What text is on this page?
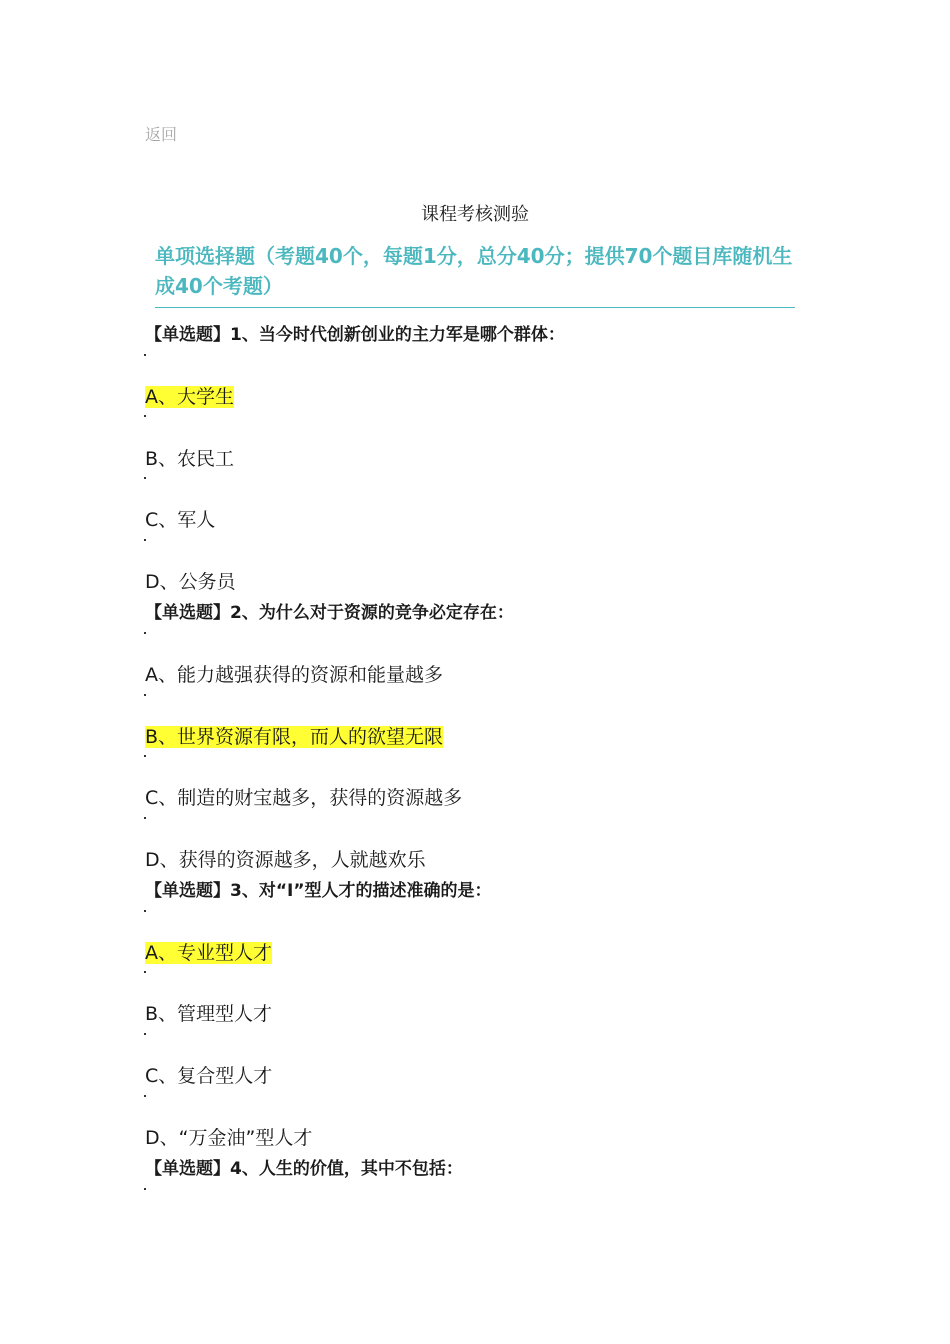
返回
课程考核测验
单项选择题（考题40个，每题1分，总分40分；提供70个题目库随机生成40个考题）
【单选题】1、当今时代创新创业的主力军是哪个群体：
A、大学生
B、农民工
C、军人
D、公务员
【单选题】2、为什么对于资源的竞争必定存在：
A、能力越强获得的资源和能量越多
B、世界资源有限，而人的欲望无限
C、制造的财宝越多，获得的资源越多
D、获得的资源越多，人就越欢乐
【单选题】3、对“I”型人才的描述准确的是：
A、专业型人才
B、管理型人才
C、复合型人才
D、“万金油”型人才
【单选题】4、人生的价值，其中不包括：
